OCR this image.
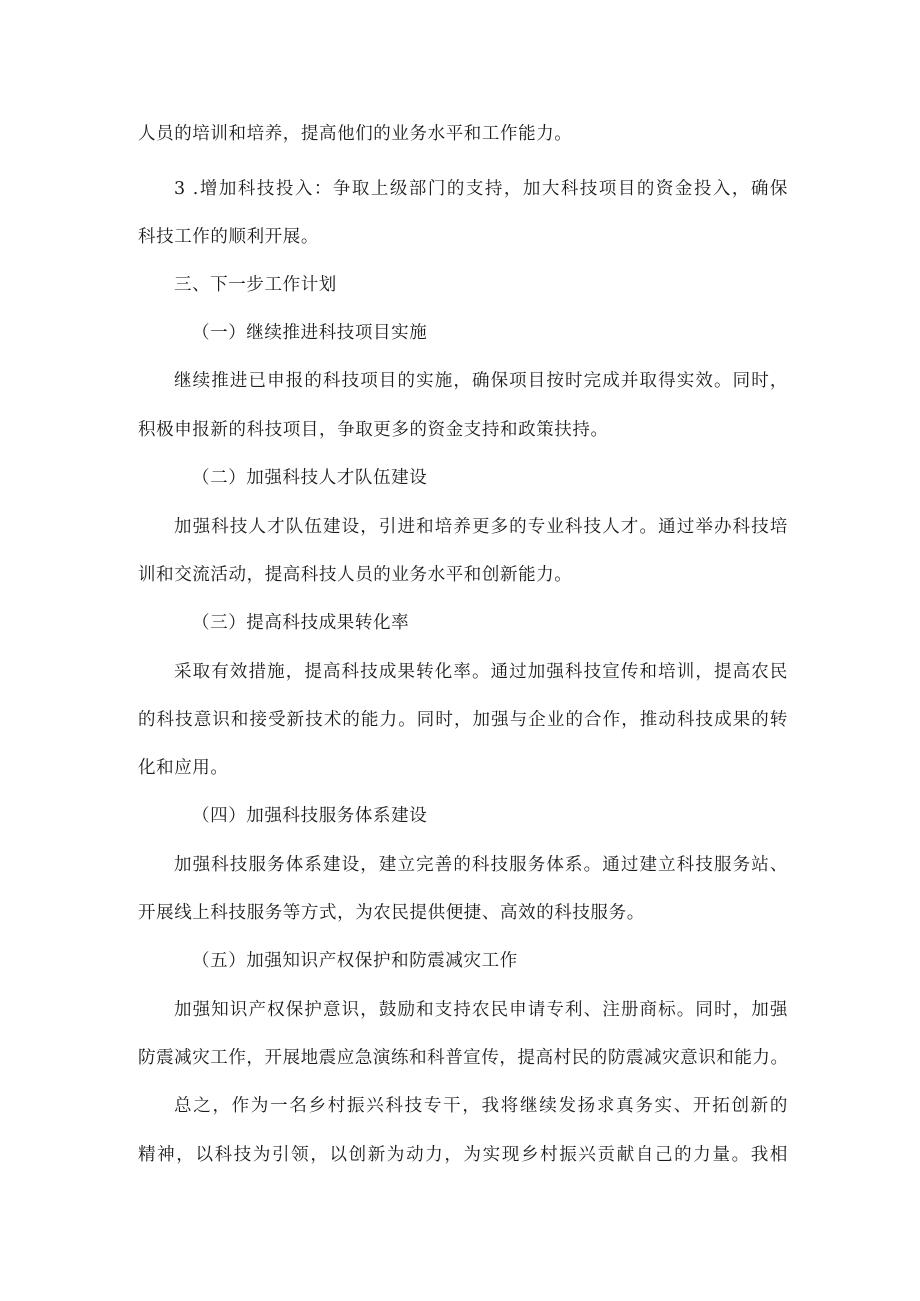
人员的培训和培养，提高他们的业务水平和工作能力。
3 .增加科技投入：争取上级部门的支持，加大科技项目的资金投入，确保
科技工作的顺利开展。
三、下一步工作计划
（一）继续推进科技项目实施
继续推进已申报的科技项目的实施，确保项目按时完成并取得实效。同时，
积极申报新的科技项目，争取更多的资金支持和政策扶持。
（二）加强科技人才队伍建设
加强科技人才队伍建设，引进和培养更多的专业科技人才。通过举办科技培
训和交流活动，提高科技人员的业务水平和创新能力。
（三）提高科技成果转化率
采取有效措施，提高科技成果转化率。通过加强科技宣传和培训，提高农民
的科技意识和接受新技术的能力。同时，加强与企业的合作，推动科技成果的转
化和应用。
（四）加强科技服务体系建设
加强科技服务体系建设，建立完善的科技服务体系。通过建立科技服务站、
开展线上科技服务等方式，为农民提供便捷、高效的科技服务。
（五）加强知识产权保护和防震减灾工作
加强知识产权保护意识，鼓励和支持农民申请专利、注册商标。同时，加强
防震减灾工作，开展地震应急演练和科普宣传，提高村民的防震减灾意识和能力。
总之，作为一名乡村振兴科技专干，我将继续发扬求真务实、开拓创新的
精神，以科技为引领，以创新为动力，为实现乡村振兴贡献自己的力量。我相
